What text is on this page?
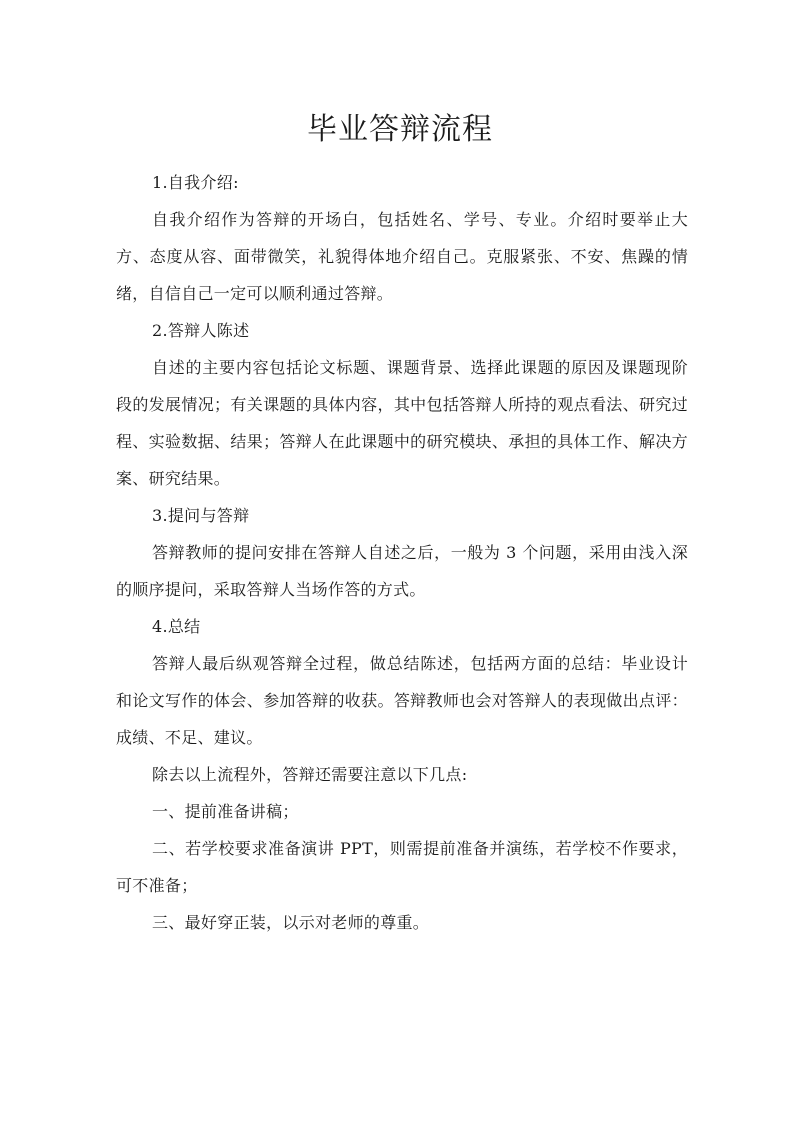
毕业答辩流程

1.自我介绍:

自我介绍作为答辩的开场白，包括姓名、学号、专业。介绍时要举止大方、态度从容、面带微笑，礼貌得体地介绍自己。克服紧张、不安、焦躁的情绪，自信自己一定可以顺利通过答辩。

2.答辩人陈述

自述的主要内容包括论文标题、课题背景、选择此课题的原因及课题现阶段的发展情况；有关课题的具体内容，其中包括答辩人所持的观点看法、研究过程、实验数据、结果；答辩人在此课题中的研究模块、承担的具体工作、解决方案、研究结果。

3.提问与答辩

答辩教师的提问安排在答辩人自述之后，一般为 3 个问题，采用由浅入深的顺序提问，采取答辩人当场作答的方式。

4.总结

答辩人最后纵观答辩全过程，做总结陈述，包括两方面的总结：毕业设计和论文写作的体会、参加答辩的收获。答辩教师也会对答辩人的表现做出点评：成绩、不足、建议。

除去以上流程外，答辩还需要注意以下几点:

一、提前准备讲稿；

二、若学校要求准备演讲 PPT，则需提前准备并演练，若学校不作要求，可不准备；

三、最好穿正装，以示对老师的尊重。
